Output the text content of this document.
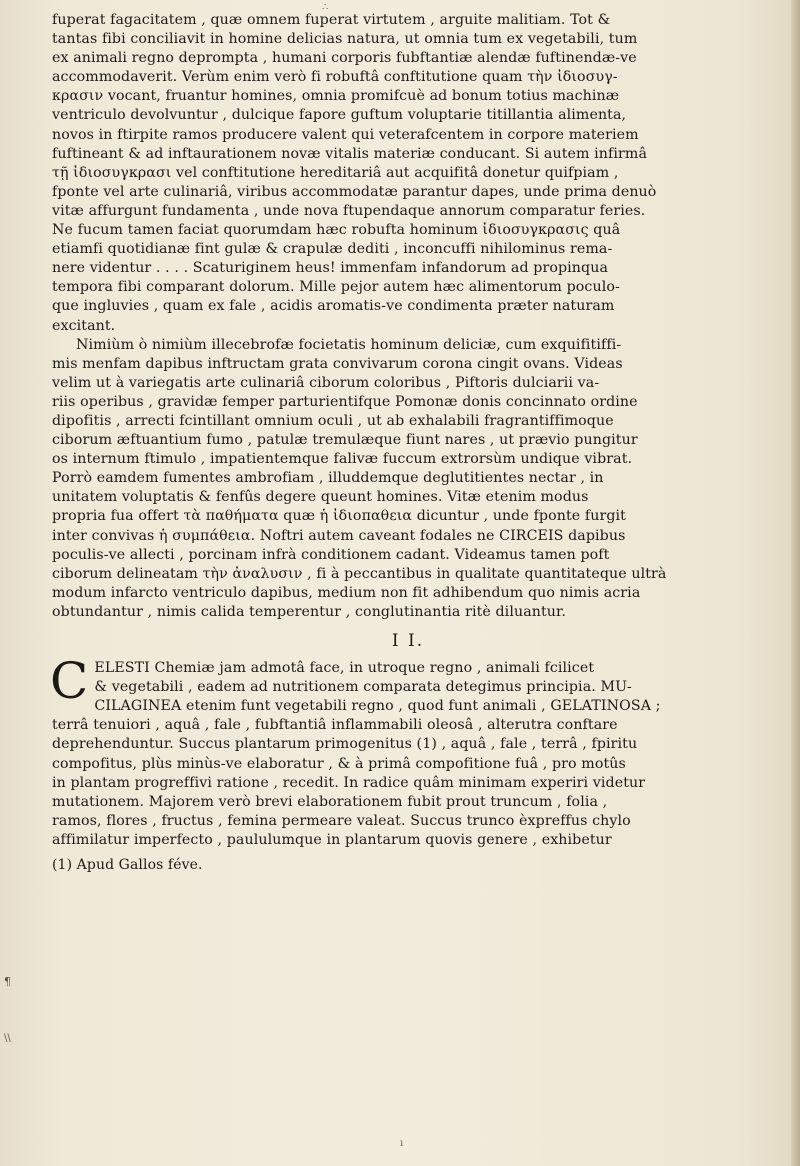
∴
fuperat fagacitatem , quæ omnem fuperat virtutem , arguite malitiam. Tot &
tantas fibi conciliavit in homine delicias natura, ut omnia tum ex vegetabili, tum
ex animali regno deprompta , humani corporis fubftantiæ alendæ fuftinendæ-ve
accommodaverit. Verùm enim verò fi robuftâ conftitutione quam τὴν ἰδιοσυγ-
κρασιν vocant, fruantur homines, omnia promifcuè ad bonum totius machinæ
ventriculo devolvuntur , dulcique fapore guftum voluptarie titillantia alimenta,
novos in ftirpite ramos producere valent qui veterafcentem in corpore materiem
fuftineant & ad inftaurationem novæ vitalis materiæ conducant. Si autem infirmâ
τῇ ἰδιοσυγκρασι vel conftitutione hereditariâ aut acquifitâ donetur quifpiam ,
fponte vel arte culinariâ, viribus accommodatæ parantur dapes, unde prima denuò
vitæ affurgunt fundamenta , unde nova ftupendaque annorum comparatur feries.
Ne fucum tamen faciat quorumdam hæc robufta hominum ἰδιοσυγκρασις quâ
etiamfi quotidianæ fint gulæ & crapulæ dediti , inconcuffi nihilominus rema-
nere videntur . . . . Scaturiginem heus! immenfam infandorum ad propinqua
tempora fibi comparant dolorum. Mille pejor autem hæc alimentorum poculo-
que ingluvies , quam ex fale , acidis aromatis-ve condimenta præter naturam
excitant.
Nimiùm ò nimiùm illecebrofæ focietatis hominum deliciæ, cum exquifitiffi-
mis menfam dapibus inftructam grata convivarum corona cingit ovans. Videas
velim ut à variegatis arte culinariâ ciborum coloribus , Piftoris dulciarii va-
riis operibus , gravidæ femper parturientifque Pomonæ donis concinnato ordine
dipofitis , arrecti fcintillant omnium oculi , ut ab exhalabili fragrantiffimoque
ciborum æftuantium fumo , patulæ tremulæque fiunt nares , ut prævio pungitur
os internum ftimulo , impatientemque falivæ fuccum extrorsùm undique vibrat.
Porrò eamdem fumentes ambrofiam , illuddemque deglutitientes nectar , in
unitatem voluptatis & fenfûs degere queunt homines. Vitæ etenim modus
propria fua offert τὰ παθήματα quæ ἡ ἰδιοπαθεια dicuntur , unde fponte furgit
inter convivas ἡ συμπάθεια. Noftri autem caveant fodales ne CIRCEIS dapibus
poculis-ve allecti , porcinam infrà conditionem cadant. Videamus tamen poft
ciborum delineatam τὴν ἀναλυσιν , fi à peccantibus in qualitate quantitateque ultrà
modum infarcto ventriculo dapibus, medium non fit adhibendum quo nimis acria
obtundantur , nimis calida temperentur , conglutinantia ritè diluantur.
I I.
C ELESTI Chemiæ jam admotâ face, in utroque regno , animali fcilicet
& vegetabili , eadem ad nutritionem comparata detegimus principia. MU-
CILAGINEA etenim funt vegetabili regno , quod funt animali , GELATINOSA ;
terrâ tenuiori , aquâ , fale , fubftantiâ inflammabili oleosâ , alterutra conftare
deprehenduntur. Succus plantarum primogenitus (1) , aquâ , fale , terrâ , fpiritu
compofitus, plùs minùs-ve elaboratur , & à primâ compofitione fuâ , pro motûs
in plantam progreffivi ratione , recedit. In radice quâm minimam experiri videtur
mutationem. Majorem verò brevi elaborationem fubit prout truncum , folia ,
ramos, flores , fructus , femina permeare valeat. Succus trunco èxpreffus chylo
affimilatur imperfecto , paululumque in plantarum quovis genere , exhibetur
(1) Apud Gallos féve.
¶
\\
ı
